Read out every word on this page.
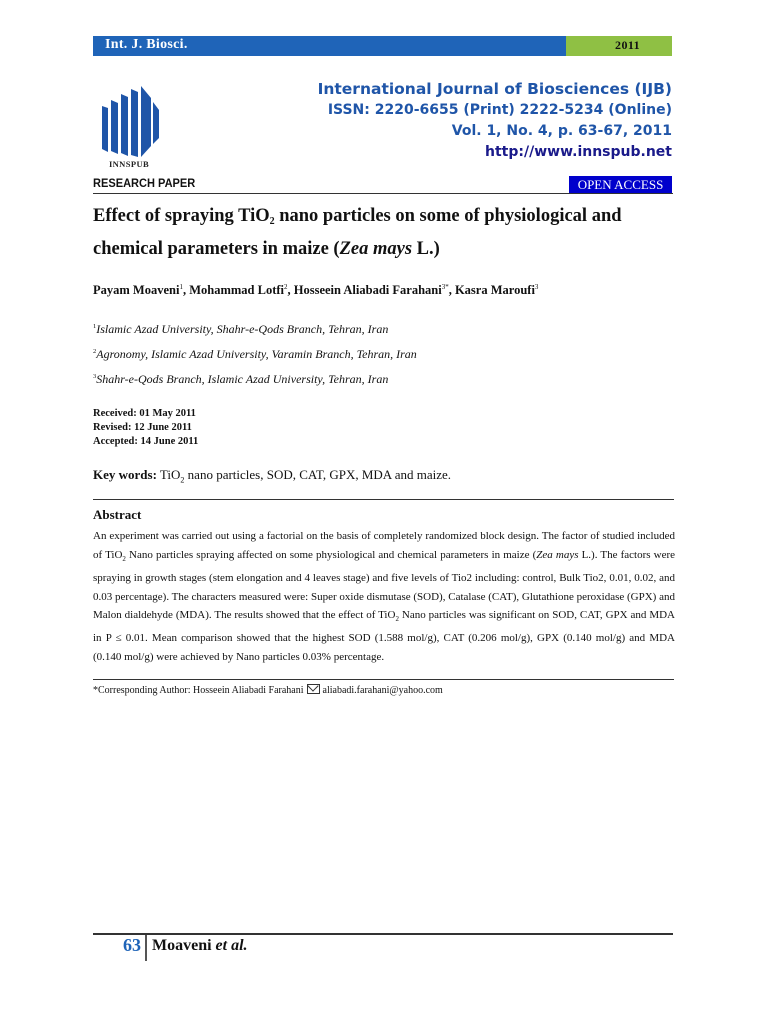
Int. J. Biosci.	2011
INNSPUB
International Journal of Biosciences (IJB)
ISSN: 2220-6655 (Print) 2222-5234 (Online)
Vol. 1, No. 4, p. 63-67, 2011
http://www.innspub.net
RESEARCH PAPER	OPEN ACCESS
Effect of spraying TiO$_2$ nano particles on some of physiological and chemical parameters in maize (Zea mays L.)
Payam Moaveni$^1$, Mohammad Lotfi$^2$, Hosseein Aliabadi Farahani$^{3*}$, Kasra Maroufi$^3$
$^1$Islamic Azad University, Shahr-e-Qods Branch, Tehran, Iran
$^2$Agronomy, Islamic Azad University, Varamin Branch, Tehran, Iran
$^3$Shahr-e-Qods Branch, Islamic Azad University, Tehran, Iran
Received: 01 May 2011
Revised: 12 June 2011
Accepted: 14 June 2011
Key words: TiO$_2$ nano particles, SOD, CAT, GPX, MDA and maize.
Abstract
An experiment was carried out using a factorial on the basis of completely randomized block design. The factor of studied included of TiO$_2$ Nano particles spraying affected on some physiological and chemical parameters in maize (Zea mays L.). The factors were spraying in growth stages (stem elongation and 4 leaves stage) and five levels of Tio2 including: control, Bulk Tio2, 0.01, 0.02, and 0.03 percentage). The characters measured were: Super oxide dismutase (SOD), Catalase (CAT), Glutathione peroxidase (GPX) and Malon dialdehyde (MDA). The results showed that the effect of TiO$_2$ Nano particles was significant on SOD, CAT, GPX and MDA in P ≤ 0.01. Mean comparison showed that the highest SOD (1.588 mol/g), CAT (0.206 mol/g), GPX (0.140 mol/g) and MDA (0.140 mol/g) were achieved by Nano particles 0.03% percentage.
*Corresponding Author: Hosseein Aliabadi Farahani aliabadi.farahani@yahoo.com
63 Moaveni et al.
